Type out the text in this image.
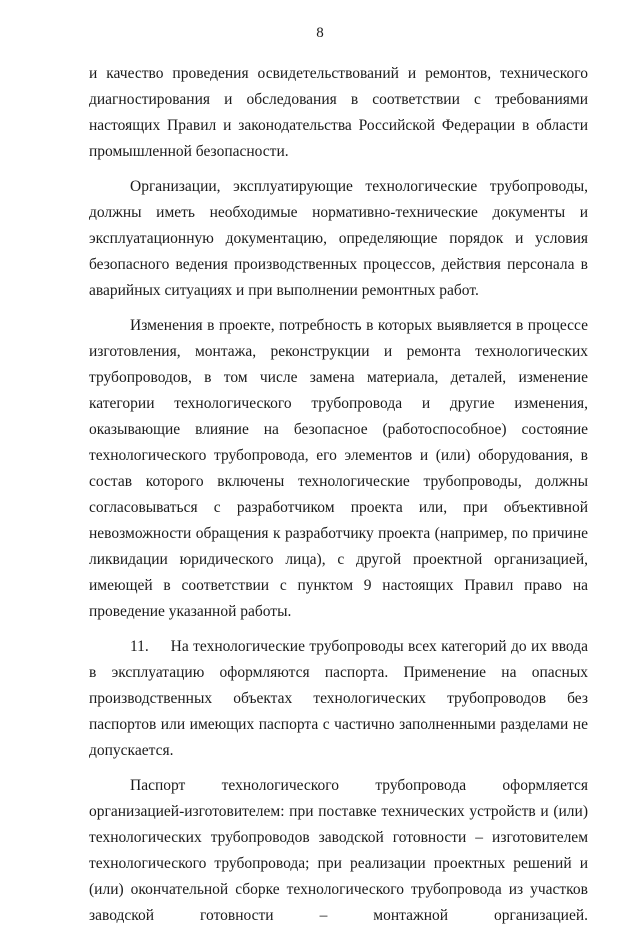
8

и качество проведения освидетельствований и ремонтов, технического диагностирования и обследования в соответствии с требованиями настоящих Правил и законодательства Российской Федерации в области промышленной безопасности.

Организации, эксплуатирующие технологические трубопроводы, должны иметь необходимые нормативно-технические документы и эксплуатационную документацию, определяющие порядок и условия безопасного ведения производственных процессов, действия персонала в аварийных ситуациях и при выполнении ремонтных работ.

Изменения в проекте, потребность в которых выявляется в процессе изготовления, монтажа, реконструкции и ремонта технологических трубопроводов, в том числе замена материала, деталей, изменение категории технологического трубопровода и другие изменения, оказывающие влияние на безопасное (работоспособное) состояние технологического трубопровода, его элементов и (или) оборудования, в состав которого включены технологические трубопроводы, должны согласовываться с разработчиком проекта или, при объективной невозможности обращения к разработчику проекта (например, по причине ликвидации юридического лица), с другой проектной организацией, имеющей в соответствии с пунктом 9 настоящих Правил право на проведение указанной работы.

11.     На технологические трубопроводы всех категорий до их ввода в эксплуатацию оформляются паспорта. Применение на опасных производственных объектах технологических трубопроводов без паспортов или имеющих паспорта с частично заполненными разделами не допускается.

Паспорт технологического трубопровода оформляется организацией-изготовителем: при поставке технических устройств и (или) технологических трубопроводов заводской готовности – изготовителем технологического трубопровода; при реализации проектных решений и (или) окончательной сборке технологического трубопровода из участков заводской готовности – монтажной организацией.
